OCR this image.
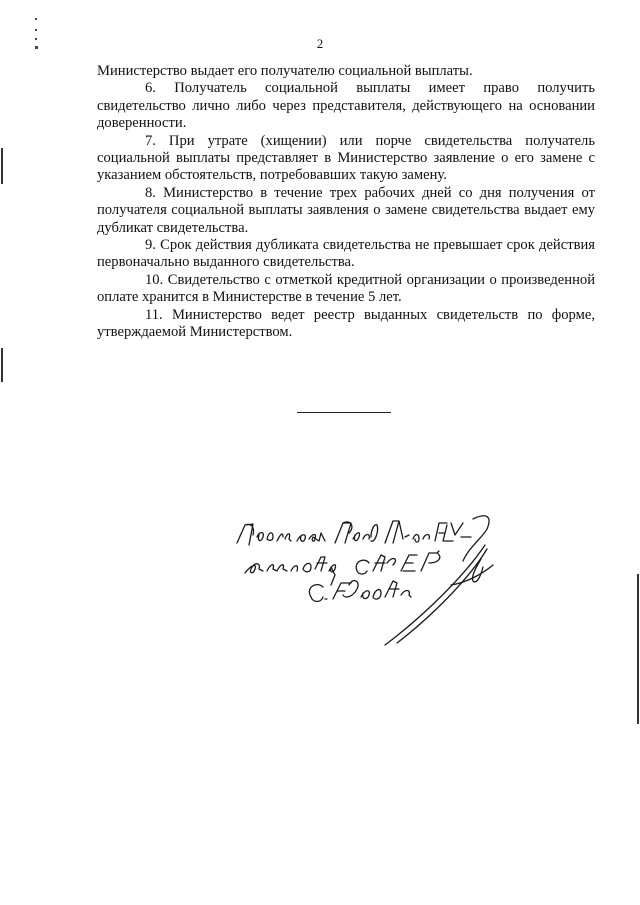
2

Министерство выдает его получателю социальной выплаты.

6. Получатель социальной выплаты имеет право получить свидетельство лично либо через представителя, действующего на основании доверенности.

7. При утрате (хищении) или порче свидетельства получатель социальной выплаты представляет в Министерство заявление о его замене с указанием обстоятельств, потребовавших такую замену.

8. Министерство в течение трех рабочих дней со дня получения от получателя социальной выплаты заявления о замене свидетельства выдает ему дубликат свидетельства.

9. Срок действия дубликата свидетельства не превышает срок действия первоначально выданного свидетельства.

10. Свидетельство с отметкой кредитной организации о произведенной оплате хранится в Министерстве в течение 5 лет.

11. Министерство ведет реестр выданных свидетельств по форме, утверждаемой Министерством.
